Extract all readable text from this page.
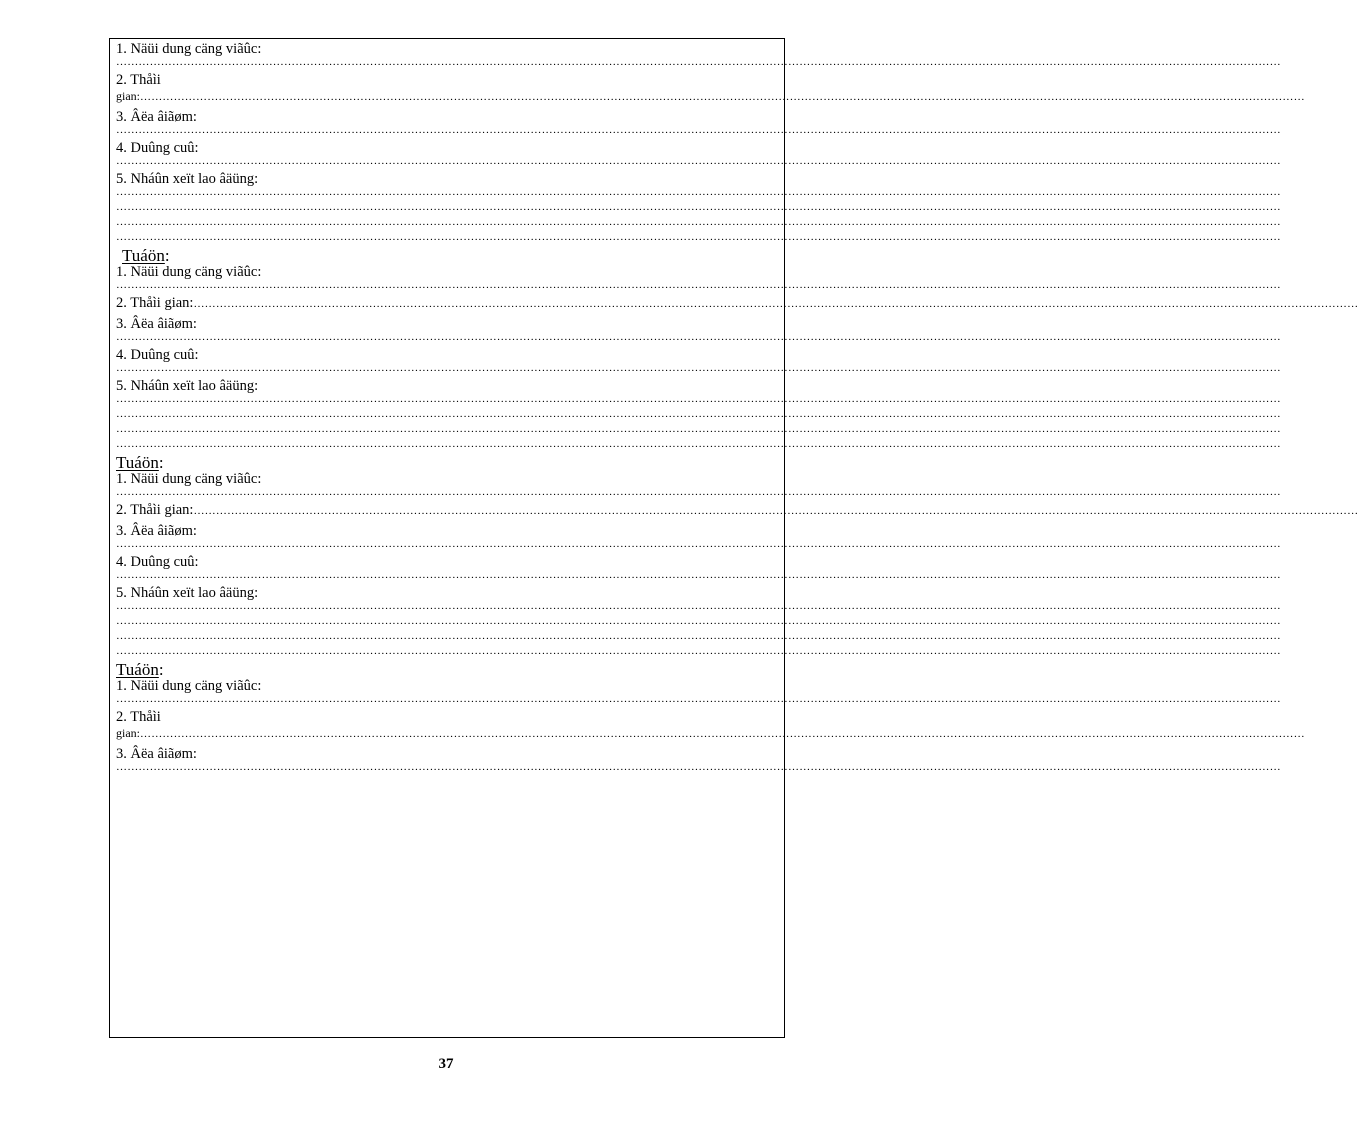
1. Näüi dung cäng viãûc:
……………………………………………………………………………………………………………………………………………………………………………………………………………………………………………………………………………………
2. Thåìi
gian:……………………………………………………………………………………………………………………………………………………………………………………………………………………………………………………………………………………
3. Âëa âiãøm:
……………………………………………………………………………………………………………………………………………………………………………………………………………………………………………………………………………………
4. Duûng cuû:
……………………………………………………………………………………………………………………………………………………………………………………………………………………………………………………………………………………
5. Nháûn xeït lao âäüng:
……………………………………………………………………………………………………………………………………………………………………………………………………………………………………………………………………………………
……………………………………………………………………………………………………………………………………………………………………………………………………………………………………………………………………………………
……………………………………………………………………………………………………………………………………………………………………………………………………………………………………………………………………………………
……………………………………………………………………………………………………………………………………………………………………………………………………………………………………………………………………………………
Tuáön:
1. Näüi dung cäng viãûc:
……………………………………………………………………………………………………………………………………………………………………………………………………………………………………………………………………………………
2. Thåìi gian:……………………………………………………………………………………………………………………………………………………………………………………………………………………………………………………………………………………
3. Âëa âiãøm:
……………………………………………………………………………………………………………………………………………………………………………………………………………………………………………………………………………………
4. Duûng cuû:
……………………………………………………………………………………………………………………………………………………………………………………………………………………………………………………………………………………
5. Nháûn xeït lao âäüng:
……………………………………………………………………………………………………………………………………………………………………………………………………………………………………………………………………………………
……………………………………………………………………………………………………………………………………………………………………………………………………………………………………………………………………………………
……………………………………………………………………………………………………………………………………………………………………………………………………………………………………………………………………………………
……………………………………………………………………………………………………………………………………………………………………………………………………………………………………………………………………………………
Tuáön:
1. Näüi dung cäng viãûc:
……………………………………………………………………………………………………………………………………………………………………………………………………………………………………………………………………………………
2. Thåìi gian:……………………………………………………………………………………………………………………………………………………………………………………………………………………………………………………………………………………
3. Âëa âiãøm:
……………………………………………………………………………………………………………………………………………………………………………………………………………………………………………………………………………………
4. Duûng cuû:
……………………………………………………………………………………………………………………………………………………………………………………………………………………………………………………………………………………
5. Nháûn xeït lao âäüng:
……………………………………………………………………………………………………………………………………………………………………………………………………………………………………………………………………………………
……………………………………………………………………………………………………………………………………………………………………………………………………………………………………………………………………………………
……………………………………………………………………………………………………………………………………………………………………………………………………………………………………………………………………………………
……………………………………………………………………………………………………………………………………………………………………………………………………………………………………………………………………………………
Tuáön:
1. Näüi dung cäng viãûc:
……………………………………………………………………………………………………………………………………………………………………………………………………………………………………………………………………………………
2. Thåìi
gian:……………………………………………………………………………………………………………………………………………………………………………………………………………………………………………………………………………………
3. Âëa âiãøm:
……………………………………………………………………………………………………………………………………………………………………………………………………………………………………………………………………………………
37
